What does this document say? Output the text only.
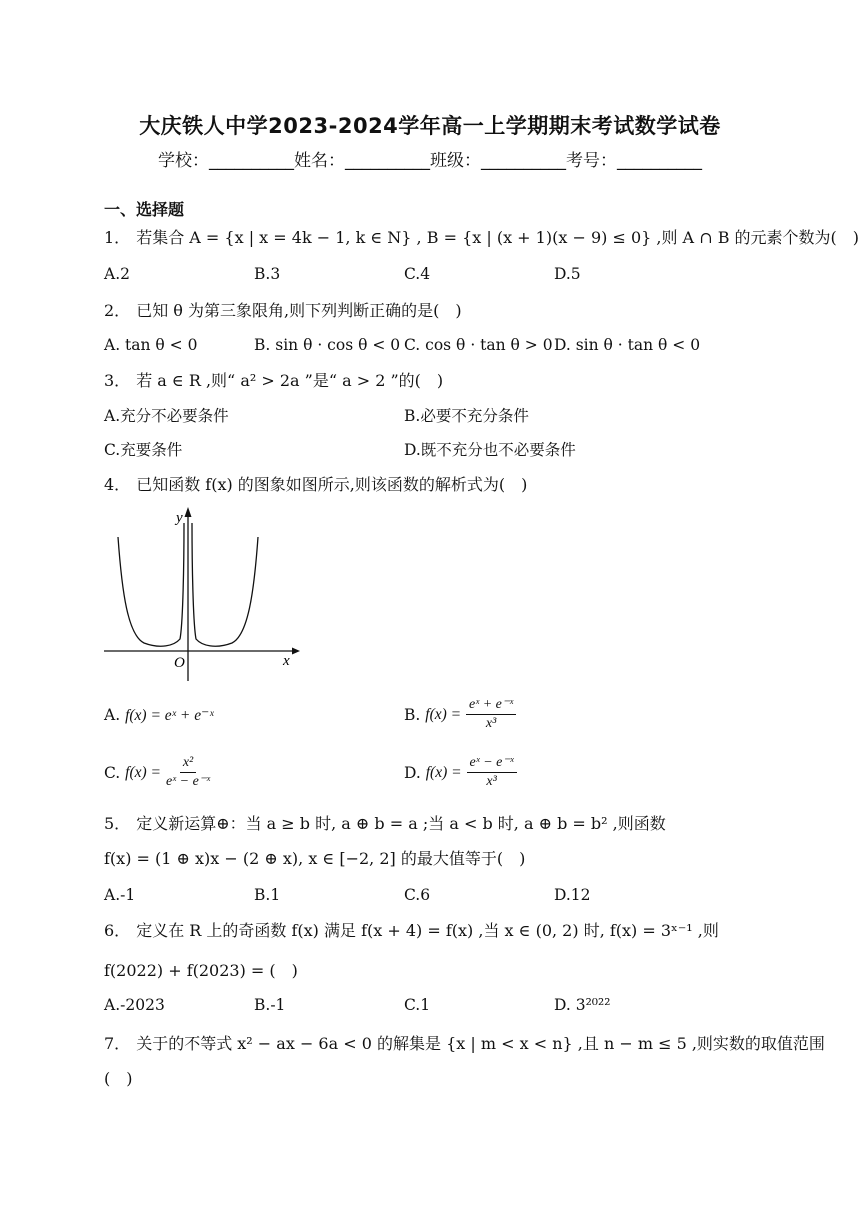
大庆铁人中学2023-2024学年高一上学期期末考试数学试卷
学校：__________姓名：__________班级：__________考号：__________
一、选择题
1． 若集合 A = {x | x = 4k − 1, k ∈ N} , B = {x | (x + 1)(x − 9) ≤ 0} ,则 A ∩ B 的元素个数为(　)
A.2	B.3	C.4	D.5
2． 已知 θ 为第三象限角,则下列判断正确的是(　)
A. tan θ < 0	B. sin θ · cos θ < 0 C. cos θ · tan θ > 0 D. sin θ · tan θ < 0
3． 若 a ∈ R ,则“ a² > 2a ”是“ a > 2 ”的(　)
A.充分不必要条件	B.必要不充分条件
C.充要条件	D.既不充分也不必要条件
4． 已知函数 f(x) 的图象如图所示,则该函数的解析式为(　)
y
x
O
A. f(x) = eˣ + e⁻ˣ	B.
f(x) =
$\frac{\text{eˣ + e⁻ˣ}}{\text{x³}}$
C.
f(x) =
$\frac{\text{x²}}{\text{eˣ − e⁻ˣ}}$	D.
f(x) =
$\frac{\text{eˣ − e⁻ˣ}}{\text{x³}}$
5． 定义新运算⊕：当 a ≥ b 时, a ⊕ b = a ;当 a < b 时, a ⊕ b = b² ,则函数
f(x) = (1 ⊕ x)x − (2 ⊕ x), x ∈ [−2, 2] 的最大值等于(　)
A.-1	B.1	C.6	D.12
6． 定义在 R 上的奇函数 f(x) 满足 f(x + 4) = f(x) ,当 x ∈ (0, 2) 时, f(x) = 3ˣ⁻¹ ,则
f(2022) + f(2023) = (　)
A.-2023	B.-1	C.1	D. 3²⁰²²
7． 关于的不等式 x² − ax − 6a < 0 的解集是 {x | m < x < n} ,且 n − m ≤ 5 ,则实数的取值范围
(　)
